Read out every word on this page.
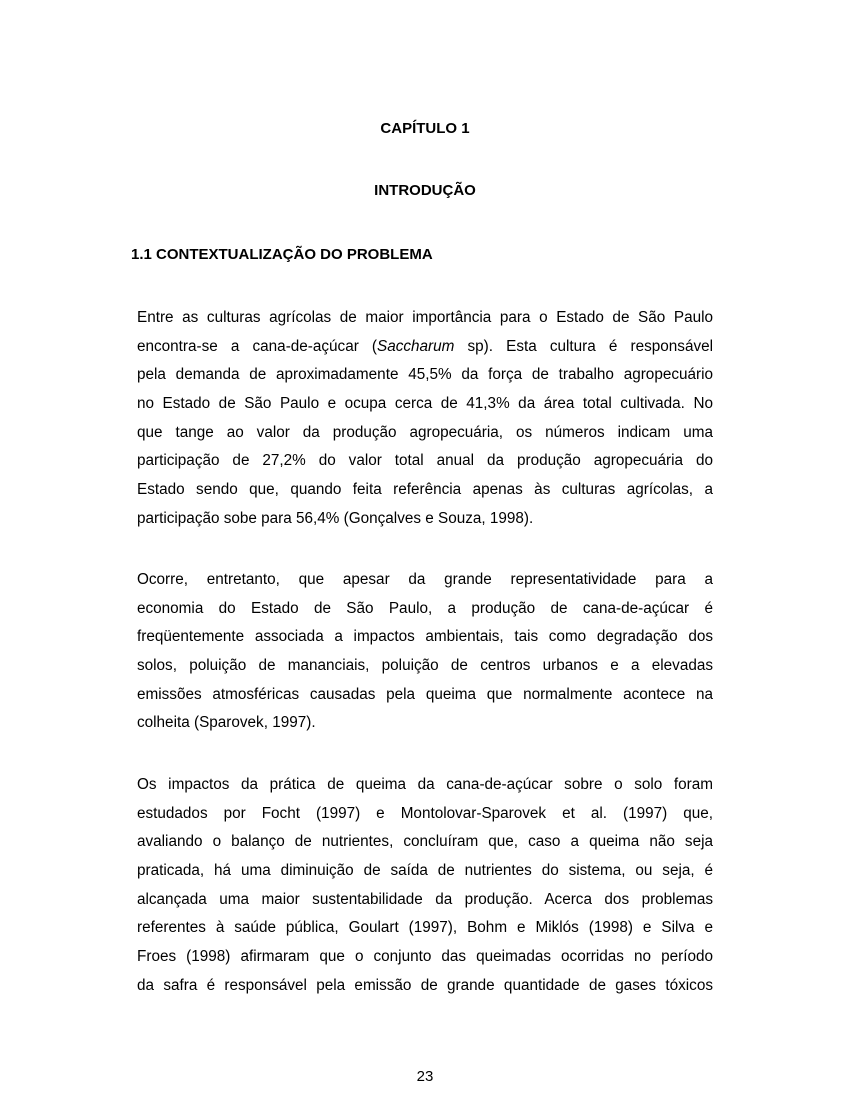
CAPÍTULO 1
INTRODUÇÃO
1.1 CONTEXTUALIZAÇÃO DO PROBLEMA

Entre as culturas agrícolas de maior importância para o Estado de São Paulo
encontra-se a cana-de-açúcar (Saccharum sp). Esta cultura é responsável
pela demanda de aproximadamente 45,5% da força de trabalho agropecuário
no Estado de São Paulo e ocupa cerca de 41,3% da área total cultivada. No
que tange ao valor da produção agropecuária, os números indicam uma
participação de 27,2% do valor total anual da produção agropecuária do
Estado sendo que, quando feita referência apenas às culturas agrícolas, a
participação sobe para 56,4% (Gonçalves e Souza, 1998).

Ocorre, entretanto, que apesar da grande representatividade para a
economia do Estado de São Paulo, a produção de cana-de-açúcar é
freqüentemente associada a impactos ambientais, tais como degradação dos
solos, poluição de mananciais, poluição de centros urbanos e a elevadas
emissões atmosféricas causadas pela queima que normalmente acontece na
colheita (Sparovek, 1997).

Os impactos da prática de queima da cana-de-açúcar sobre o solo foram
estudados por Focht (1997) e Montolovar-Sparovek et al. (1997) que,
avaliando o balanço de nutrientes, concluíram que, caso a queima não seja
praticada, há uma diminuição de saída de nutrientes do sistema, ou seja, é
alcançada uma maior sustentabilidade da produção. Acerca dos problemas
referentes à saúde pública, Goulart (1997), Bohm e Miklós (1998) e Silva e
Froes (1998) afirmaram que o conjunto das queimadas ocorridas no período
da safra é responsável pela emissão de grande quantidade de gases tóxicos

23
